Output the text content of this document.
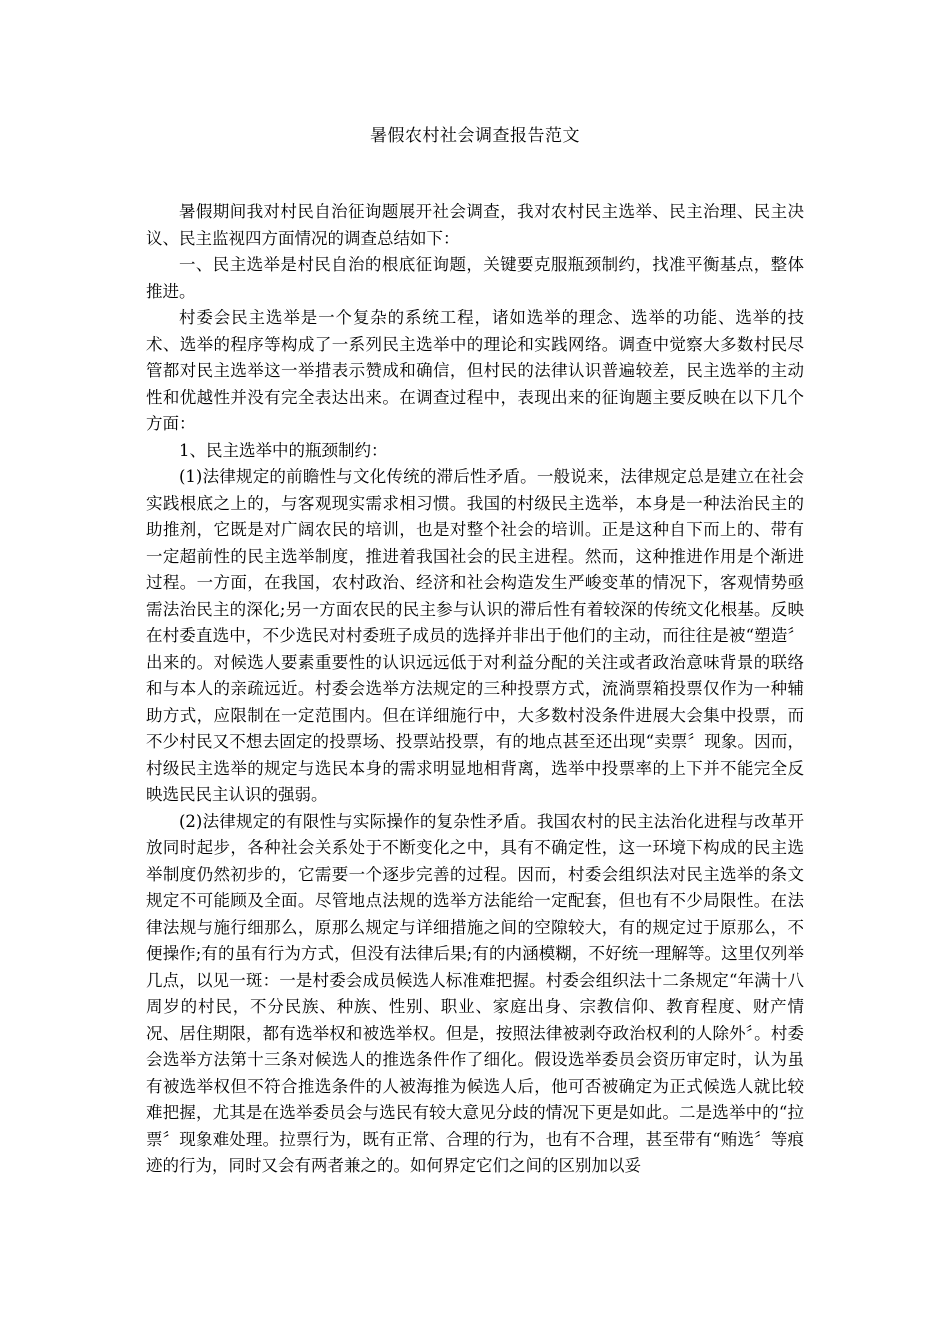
暑假农村社会调查报告范文

暑假期间我对村民自治征询题展开社会调查，我对农村民主选举、民主治理、民主决议、民主监视四方面情况的调查总结如下：

一、民主选举是村民自治的根底征询题，关键要克服瓶颈制约，找准平衡基点，整体推进。

村委会民主选举是一个复杂的系统工程，诸如选举的理念、选举的功能、选举的技术、选举的程序等构成了一系列民主选举中的理论和实践网络。调查中觉察大多数村民尽管都对民主选举这一举措表示赞成和确信，但村民的法律认识普遍较差，民主选举的主动性和优越性并没有完全表达出来。在调查过程中，表现出来的征询题主要反映在以下几个方面：

1、民主选举中的瓶颈制约：

(1)法律规定的前瞻性与文化传统的滞后性矛盾。一般说来，法律规定总是建立在社会实践根底之上的，与客观现实需求相习惯。我国的村级民主选举，本身是一种法治民主的助推剂，它既是对广阔农民的培训，也是对整个社会的培训。正是这种自下而上的、带有一定超前性的民主选举制度，推进着我国社会的民主进程。然而，这种推进作用是个渐进过程。一方面，在我国，农村政治、经济和社会构造发生严峻变革的情况下，客观情势亟需法治民主的深化;另一方面农民的民主参与认识的滞后性有着较深的传统文化根基。反映在村委直选中，不少选民对村委班子成员的选择并非出于他们的主动，而往往是被“塑造〞出来的。对候选人要素重要性的认识远远低于对利益分配的关注或者政治意味背景的联络和与本人的亲疏远近。村委会选举方法规定的三种投票方式，流淌票箱投票仅作为一种辅助方式，应限制在一定范围内。但在详细施行中，大多数村没条件进展大会集中投票，而不少村民又不想去固定的投票场、投票站投票，有的地点甚至还出现“卖票〞现象。因而，村级民主选举的规定与选民本身的需求明显地相背离，选举中投票率的上下并不能完全反映选民民主认识的强弱。

(2)法律规定的有限性与实际操作的复杂性矛盾。我国农村的民主法治化进程与改革开放同时起步，各种社会关系处于不断变化之中，具有不确定性，这一环境下构成的民主选举制度仍然初步的，它需要一个逐步完善的过程。因而，村委会组织法对民主选举的条文规定不可能顾及全面。尽管地点法规的选举方法能给一定配套，但也有不少局限性。在法律法规与施行细那么，原那么规定与详细措施之间的空隙较大，有的规定过于原那么，不便操作;有的虽有行为方式，但没有法律后果;有的内涵模糊，不好统一理解等。这里仅列举几点，以见一斑：一是村委会成员候选人标准难把握。村委会组织法十二条规定“年满十八周岁的村民，不分民族、种族、性别、职业、家庭出身、宗教信仰、教育程度、财产情况、居住期限，都有选举权和被选举权。但是，按照法律被剥夺政治权利的人除外〞。村委会选举方法第十三条对候选人的推选条件作了细化。假设选举委员会资历审定时，认为虽有被选举权但不符合推选条件的人被海推为候选人后，他可否被确定为正式候选人就比较难把握，尤其是在选举委员会与选民有较大意见分歧的情况下更是如此。二是选举中的“拉票〞现象难处理。拉票行为，既有正常、合理的行为，也有不合理，甚至带有“贿选〞等痕迹的行为，同时又会有两者兼之的。如何界定它们之间的区别加以妥
